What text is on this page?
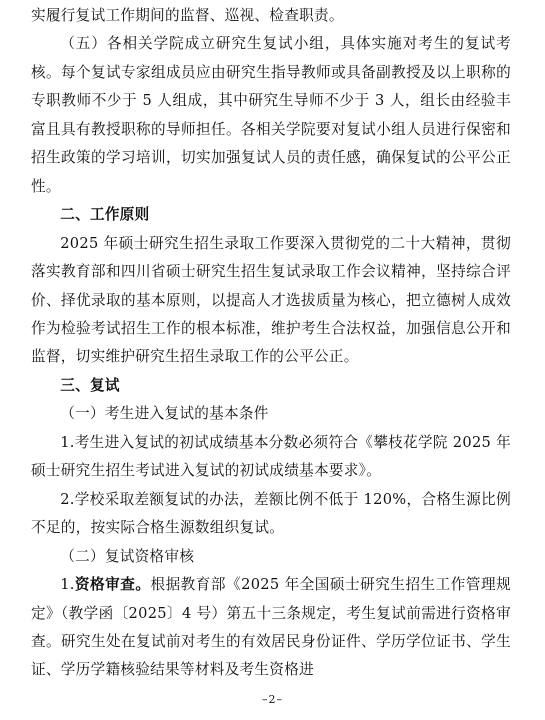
实履行复试工作期间的监督、巡视、检查职责。

（五）各相关学院成立研究生复试小组，具体实施对考生的复试考核。每个复试专家组成员应由研究生指导教师或具备副教授及以上职称的专职教师不少于 5 人组成，其中研究生导师不少于 3 人，组长由经验丰富且具有教授职称的导师担任。各相关学院要对复试小组人员进行保密和招生政策的学习培训，切实加强复试人员的责任感，确保复试的公平公正性。

二、工作原则

2025 年硕士研究生招生录取工作要深入贯彻党的二十大精神，贯彻落实教育部和四川省硕士研究生招生复试录取工作会议精神，坚持综合评价、择优录取的基本原则，以提高人才选拔质量为核心，把立德树人成效作为检验考试招生工作的根本标准，维护考生合法权益，加强信息公开和监督，切实维护研究生招生录取工作的公平公正。

三、复试

（一）考生进入复试的基本条件

1.考生进入复试的初试成绩基本分数必须符合《攀枝花学院 2025 年硕士研究生招生考试进入复试的初试成绩基本要求》。

2.学校采取差额复试的办法，差额比例不低于 120%，合格生源比例不足的，按实际合格生源数组织复试。

（二）复试资格审核

1.资格审查。根据教育部《2025 年全国硕士研究生招生工作管理规定》（教学函〔2025〕4 号）第五十三条规定，考生复试前需进行资格审查。研究生处在复试前对考生的有效居民身份证件、学历学位证书、学生证、学历学籍核验结果等材料及考生资格进

–2–
